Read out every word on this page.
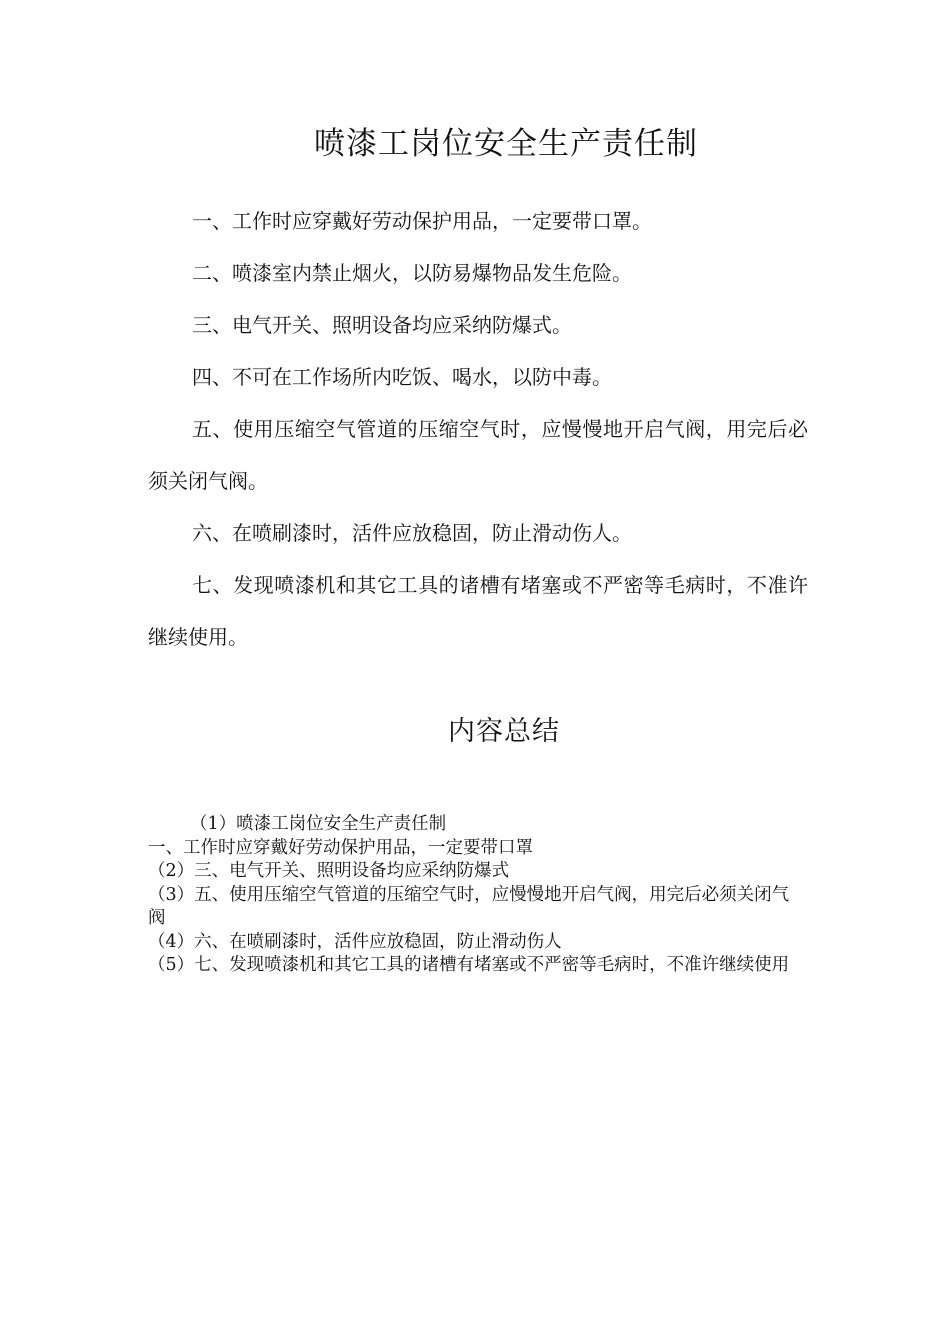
喷漆工岗位安全生产责任制

一、工作时应穿戴好劳动保护用品，一定要带口罩。

二、喷漆室内禁止烟火，以防易爆物品发生危险。

三、电气开关、照明设备均应采纳防爆式。

四、不可在工作场所内吃饭、喝水，以防中毒。

五、使用压缩空气管道的压缩空气时，应慢慢地开启气阀，用完后必须关闭气阀。

六、在喷刷漆时，活件应放稳固，防止滑动伤人。

七、发现喷漆机和其它工具的诸槽有堵塞或不严密等毛病时，不准许继续使用。

内容总结

（1）喷漆工岗位安全生产责任制

一、工作时应穿戴好劳动保护用品，一定要带口罩

（2）三、电气开关、照明设备均应采纳防爆式

（3）五、使用压缩空气管道的压缩空气时，应慢慢地开启气阀，用完后必须关闭气阀

（4）六、在喷刷漆时，活件应放稳固，防止滑动伤人

（5）七、发现喷漆机和其它工具的诸槽有堵塞或不严密等毛病时，不准许继续使用
